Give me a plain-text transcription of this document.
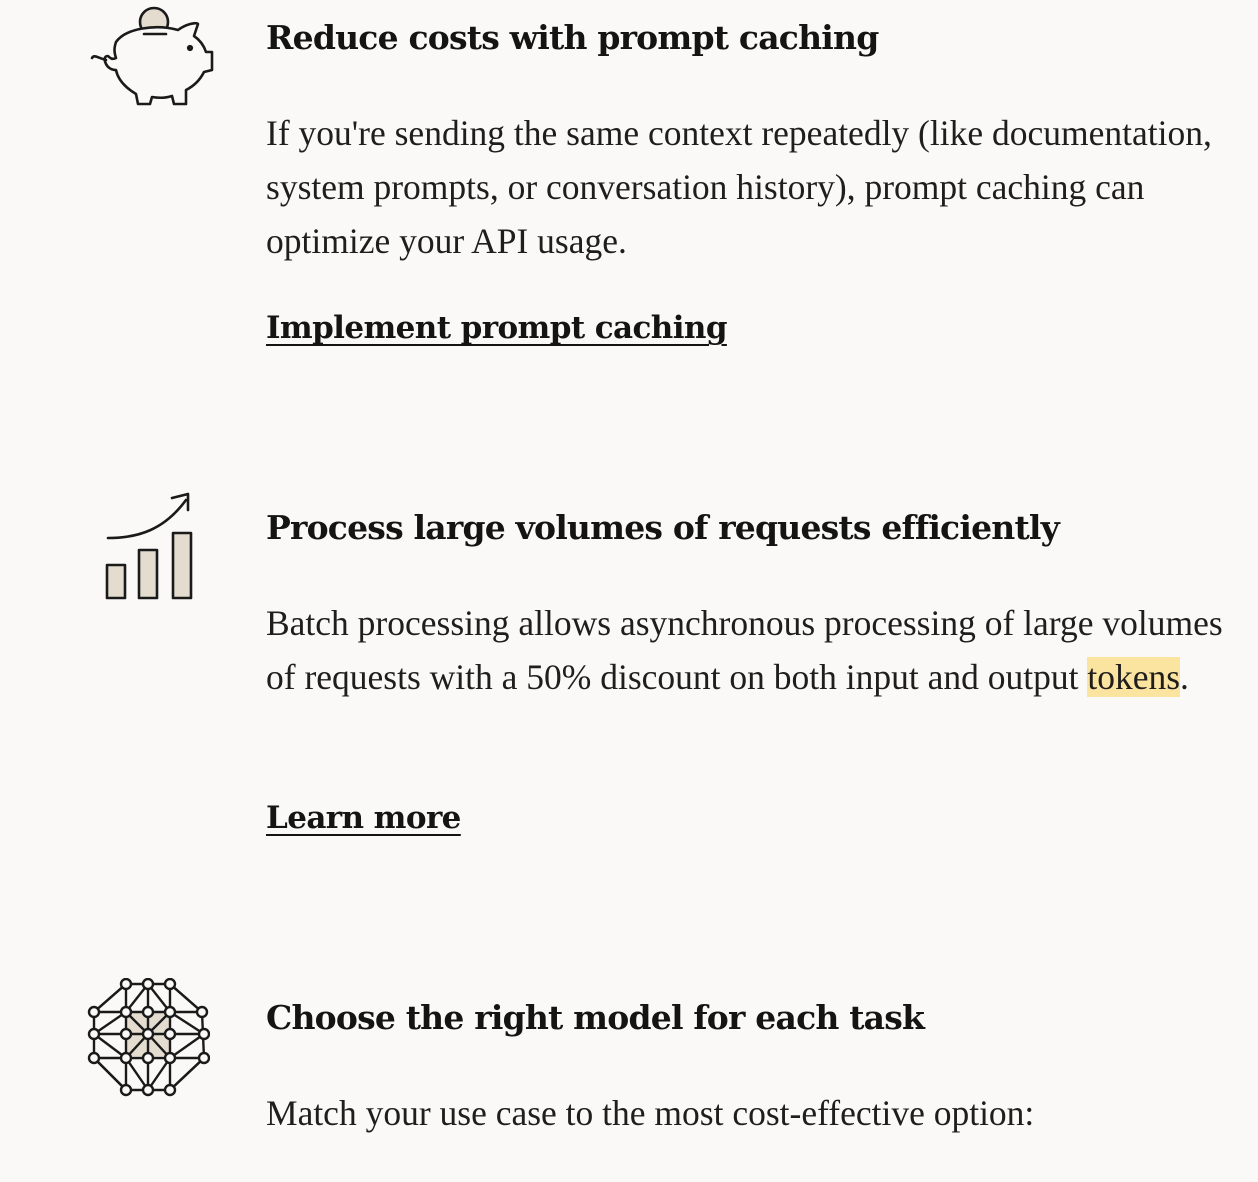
Reduce costs with prompt caching

If you're sending the same context repeatedly (like documentation, system prompts, or conversation history), prompt caching can optimize your API usage.

Implement prompt caching
Process large volumes of requests efficiently

Batch processing allows asynchronous processing of large volumes of requests with a 50% discount on both input and output tokens.

Learn more
Choose the right model for each task

Match your use case to the most cost-effective option:
